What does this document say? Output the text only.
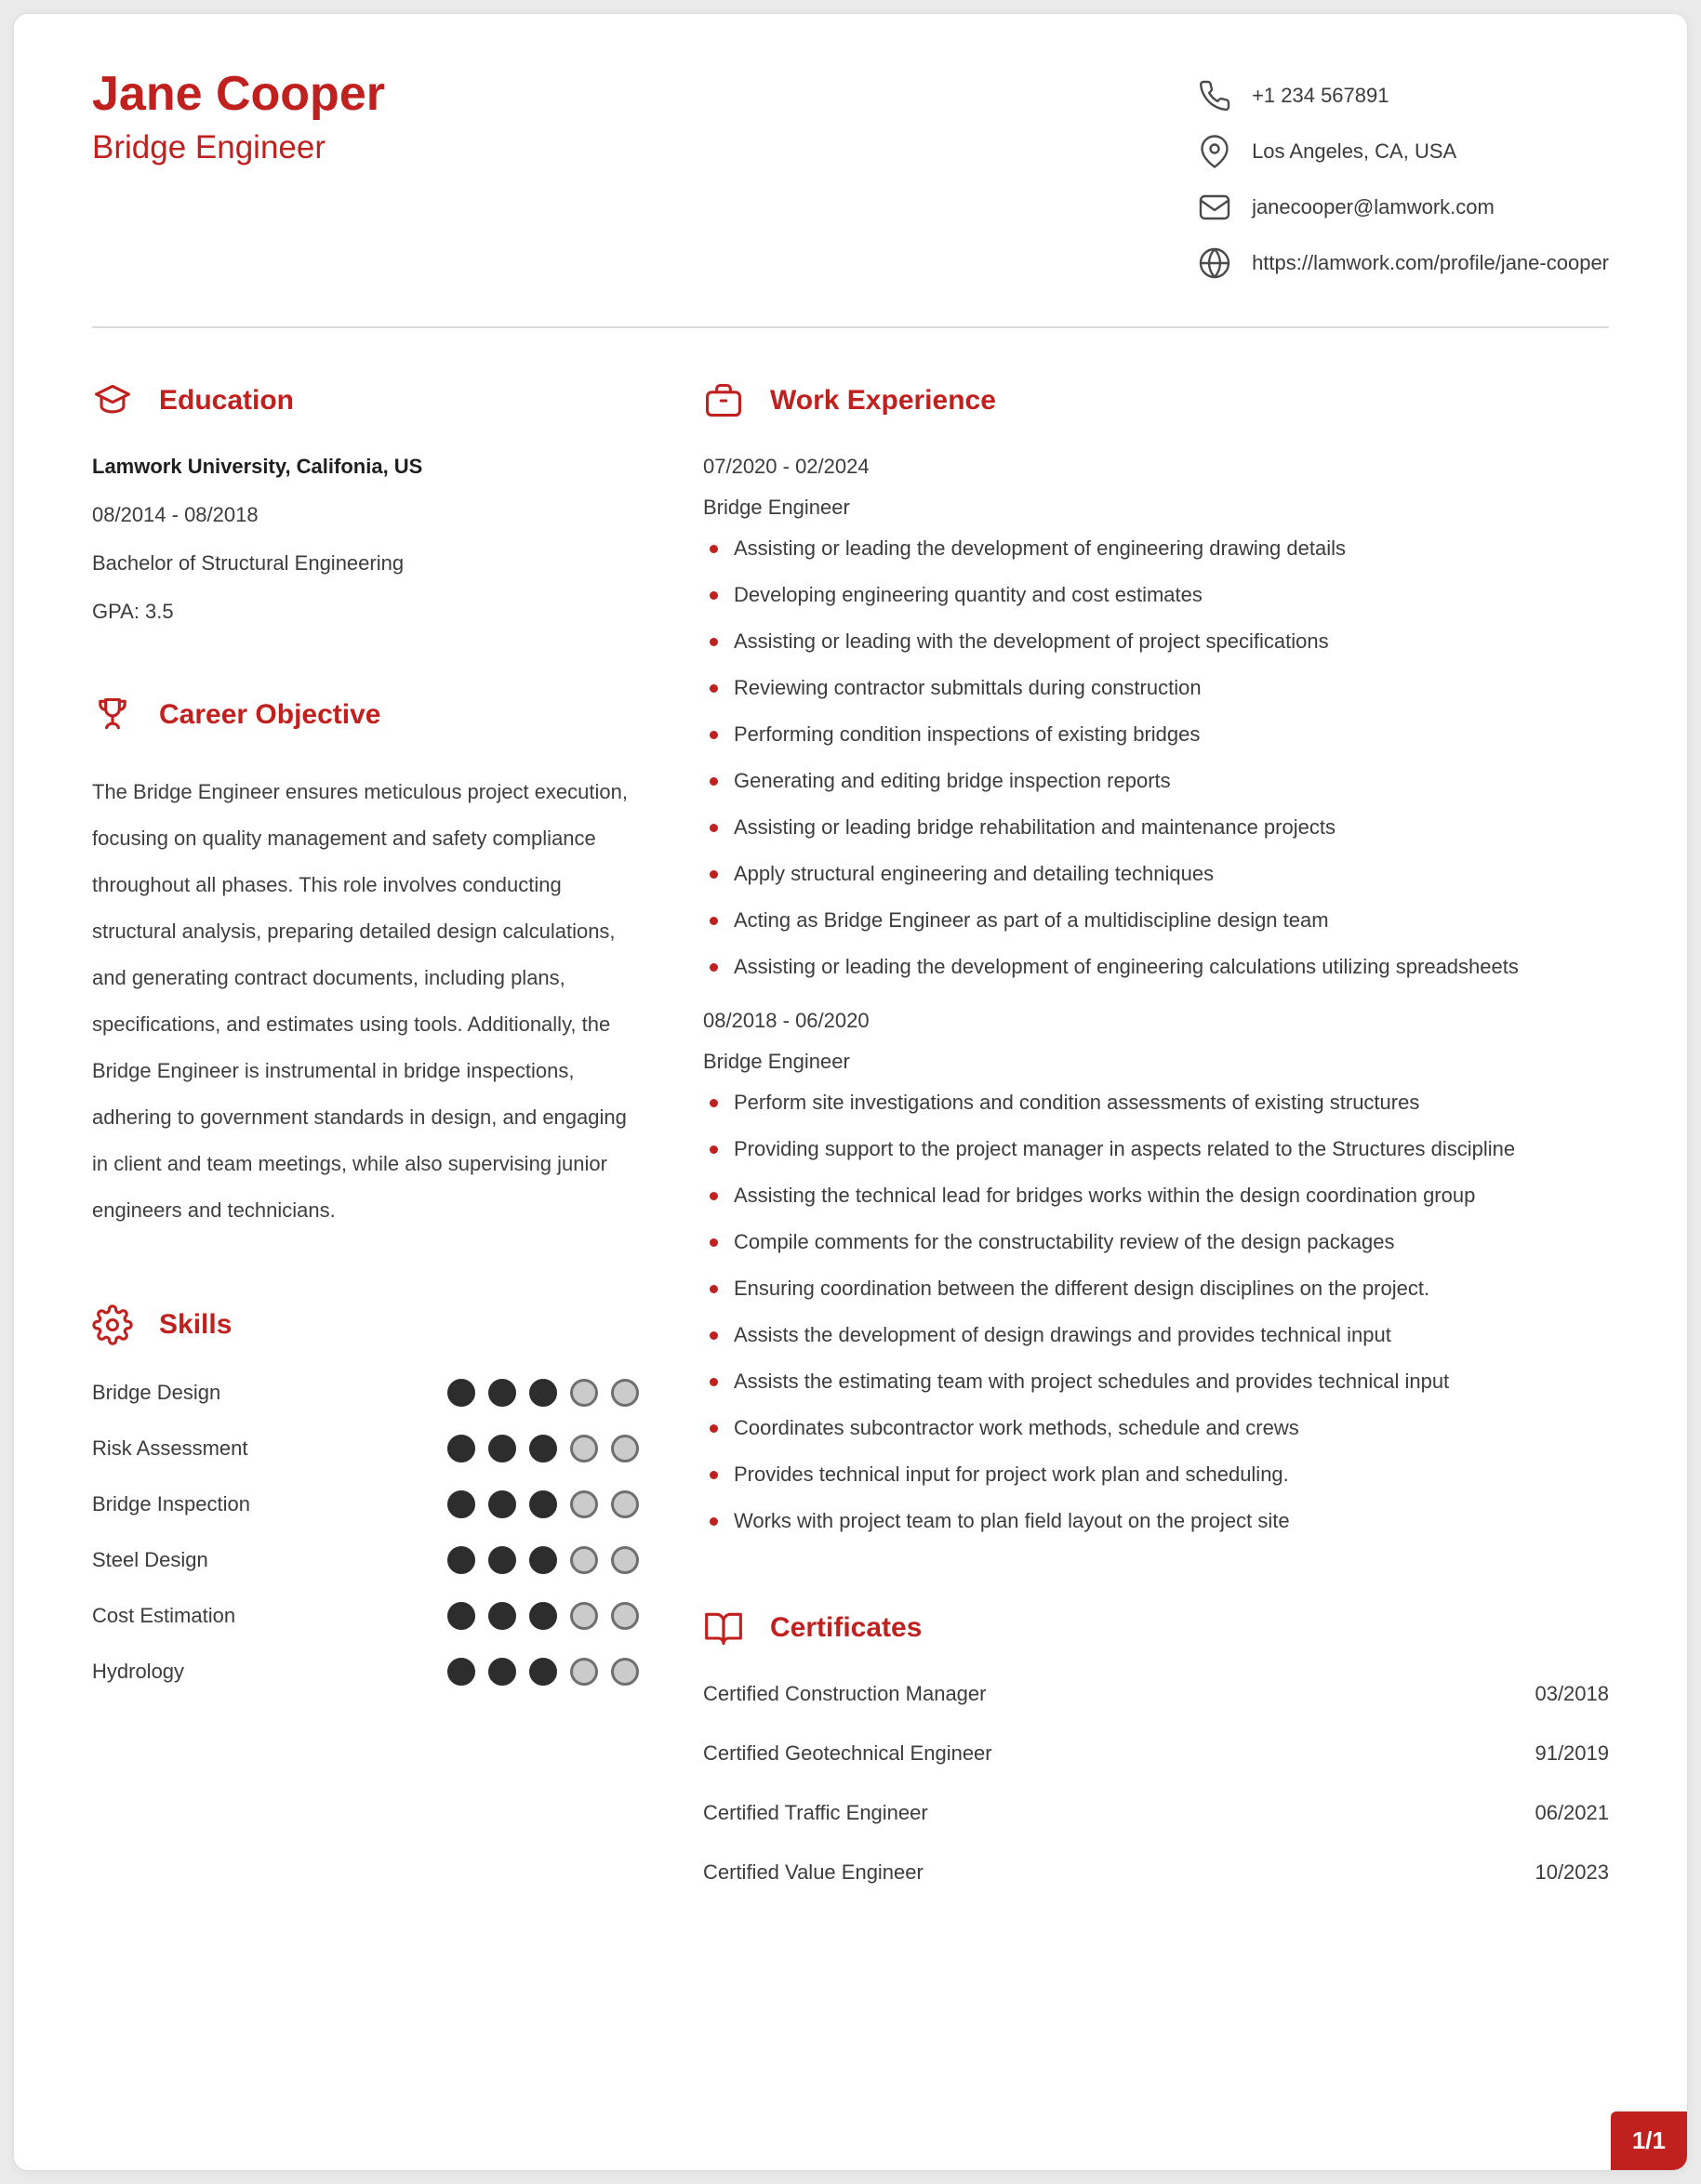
Jane Cooper
Bridge Engineer
+1 234 567891
Los Angeles, CA, USA
janecooper@lamwork.com
https://lamwork.com/profile/jane-cooper
Education
Lamwork University, Califonia, US
08/2014 - 08/2018
Bachelor of Structural Engineering
GPA: 3.5
Career Objective

The Bridge Engineer ensures meticulous project execution, focusing on quality management and safety compliance throughout all phases. This role involves conducting structural analysis, preparing detailed design calculations, and generating contract documents, including plans, specifications, and estimates using tools. Additionally, the Bridge Engineer is instrumental in bridge inspections, adhering to government standards in design, and engaging in client and team meetings, while also supervising junior engineers and technicians.

Skills
Bridge Design
Risk Assessment
Bridge Inspection
Steel Design
Cost Estimation
Hydrology
Work Experience
07/2020 - 02/2024
Bridge Engineer
Assisting or leading the development of engineering drawing details
Developing engineering quantity and cost estimates
Assisting or leading with the development of project specifications
Reviewing contractor submittals during construction
Performing condition inspections of existing bridges
Generating and editing bridge inspection reports
Assisting or leading bridge rehabilitation and maintenance projects
Apply structural engineering and detailing techniques
Acting as Bridge Engineer as part of a multidiscipline design team
Assisting or leading the development of engineering calculations utilizing spreadsheets
08/2018 - 06/2020
Bridge Engineer
Perform site investigations and condition assessments of existing structures
Providing support to the project manager in aspects related to the Structures discipline
Assisting the technical lead for bridges works within the design coordination group
Compile comments for the constructability review of the design packages
Ensuring coordination between the different design disciplines on the project.
Assists the development of design drawings and provides technical input
Assists the estimating team with project schedules and provides technical input
Coordinates subcontractor work methods, schedule and crews
Provides technical input for project work plan and scheduling.
Works with project team to plan field layout on the project site
Certificates
Certified Construction Manager	03/2018
Certified Geotechnical Engineer	91/2019
Certified Traffic Engineer	06/2021
Certified Value Engineer	10/2023
1/1
